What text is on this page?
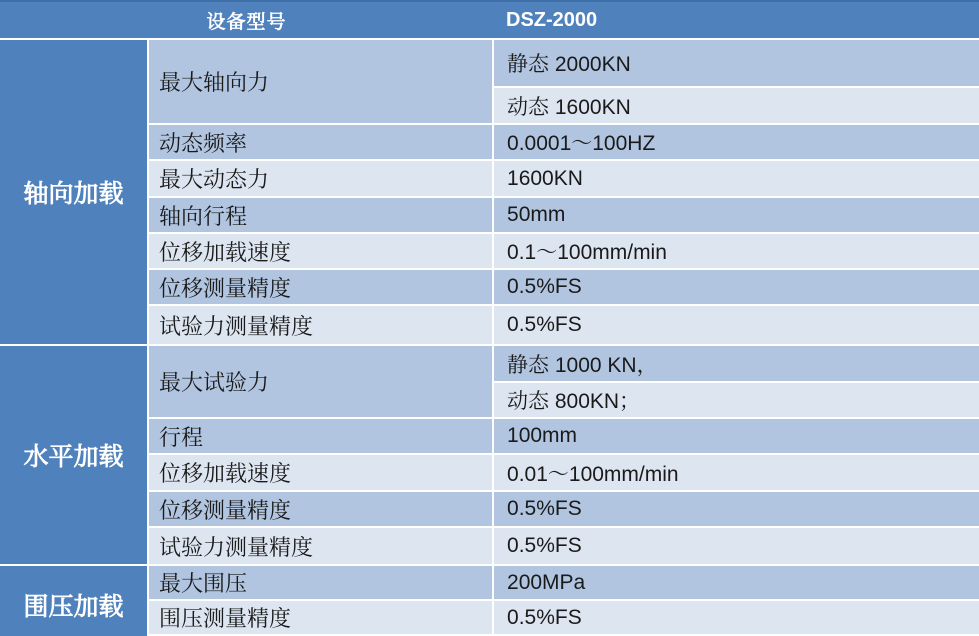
设备型号		DSZ-2000
轴向加载	最大轴向力	静态 2000KN
		动态 1600KN
	动态频率	0.0001～100HZ
	最大动态力	1600KN
	轴向行程	50mm
	位移加载速度	0.1～100mm/min
	位移测量精度	0.5%FS
	试验力测量精度	0.5%FS
水平加载	最大试验力	静态 1000 KN，
		动态 800KN；
	行程	100mm
	位移加载速度	0.01～100mm/min
	位移测量精度	0.5%FS
	试验力测量精度	0.5%FS
围压加载	最大围压	200MPa
	围压测量精度	0.5%FS
